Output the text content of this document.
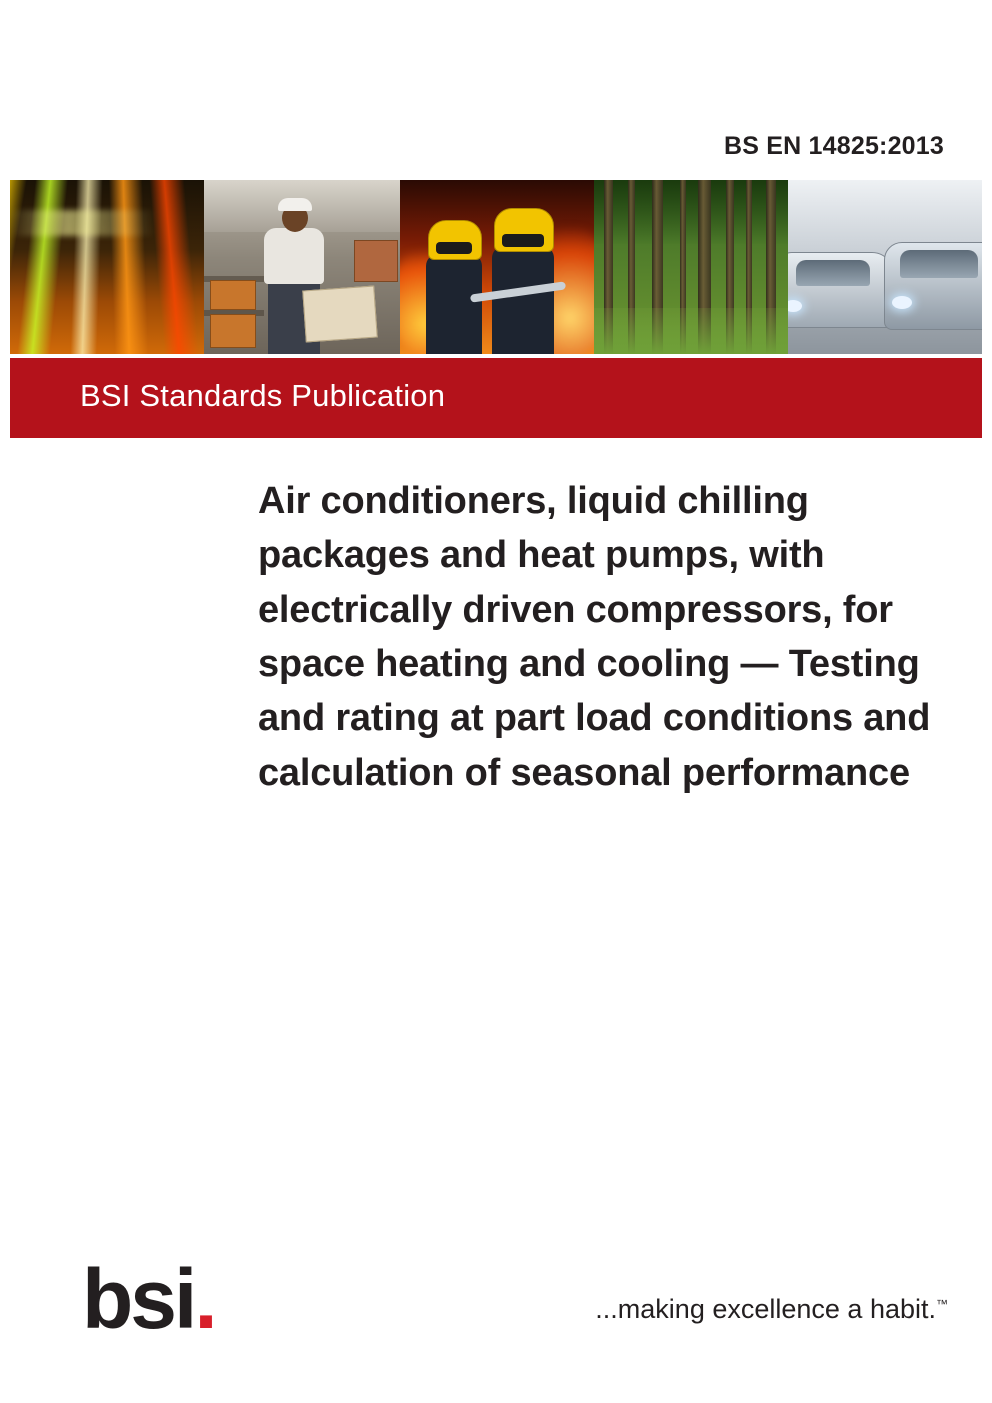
BS EN 14825:2013
BSI Standards Publication
Air conditioners, liquid chilling packages and heat pumps, with electrically driven compressors, for space heating and cooling — Testing and rating at part load conditions and calculation of seasonal performance
bsi.	...making excellence a habit.™
